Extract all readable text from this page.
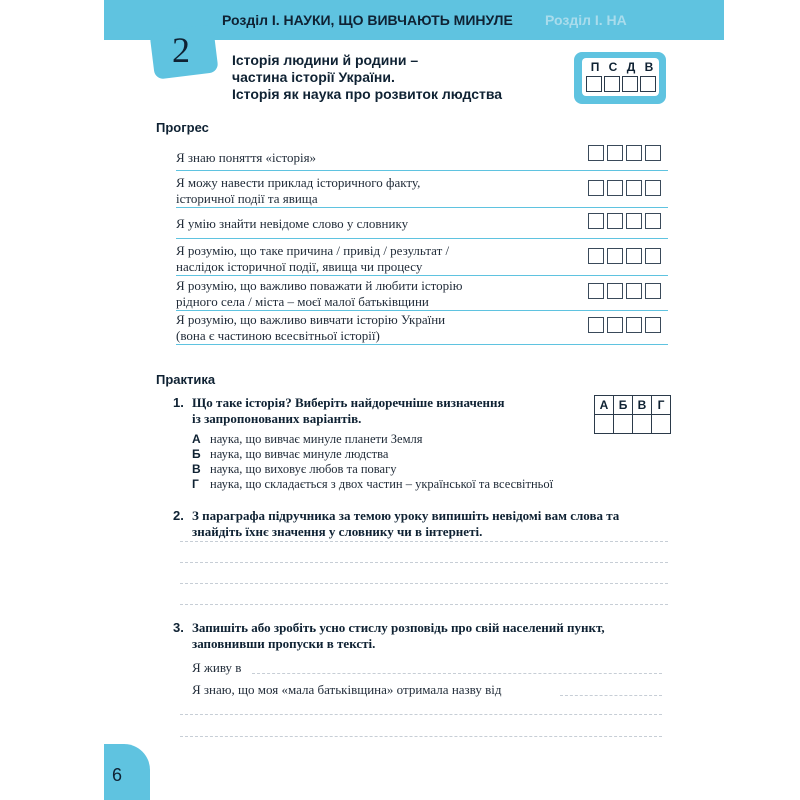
Розділ І. НАУКИ, ЩО ВИВЧАЮТЬ МИНУЛЕ Розділ І. НА
2	Історія людини й родини –
частина історії України.
Історія як наука про розвиток людства
П С Д В
Прогрес
Я знаю поняття «історія»
Я можу навести приклад історичного факту,
історичної події та явища
Я умію знайти невідоме слово у словнику
Я розумію, що таке причина / привід / результат /
наслідок історичної події, явища чи процесу
Я розумію, що важливо поважати й любити історію
рідного села / міста – моєї малої батьківщини
Я розумію, що важливо вивчати історію України
(вона є частиною всесвітньої історії)
Практика
1. Що таке історія? Виберіть найдоречніше визначення
із запропонованих варіантів.
А Б В Г
А наука, що вивчає минуле планети Земля
Б наука, що вивчає минуле людства
В наука, що виховує любов та повагу
Г наука, що складається з двох частин – української та всесвітньої
2. З параграфа підручника за темою уроку випишіть невідомі вам слова та
знайдіть їхнє значення у словнику чи в інтернеті.
3. Запишіть або зробіть усно стислу розповідь про свій населений пункт,
заповнивши пропуски в тексті.
Я живу в
Я знаю, що моя «мала батьківщина» отримала назву від
6
